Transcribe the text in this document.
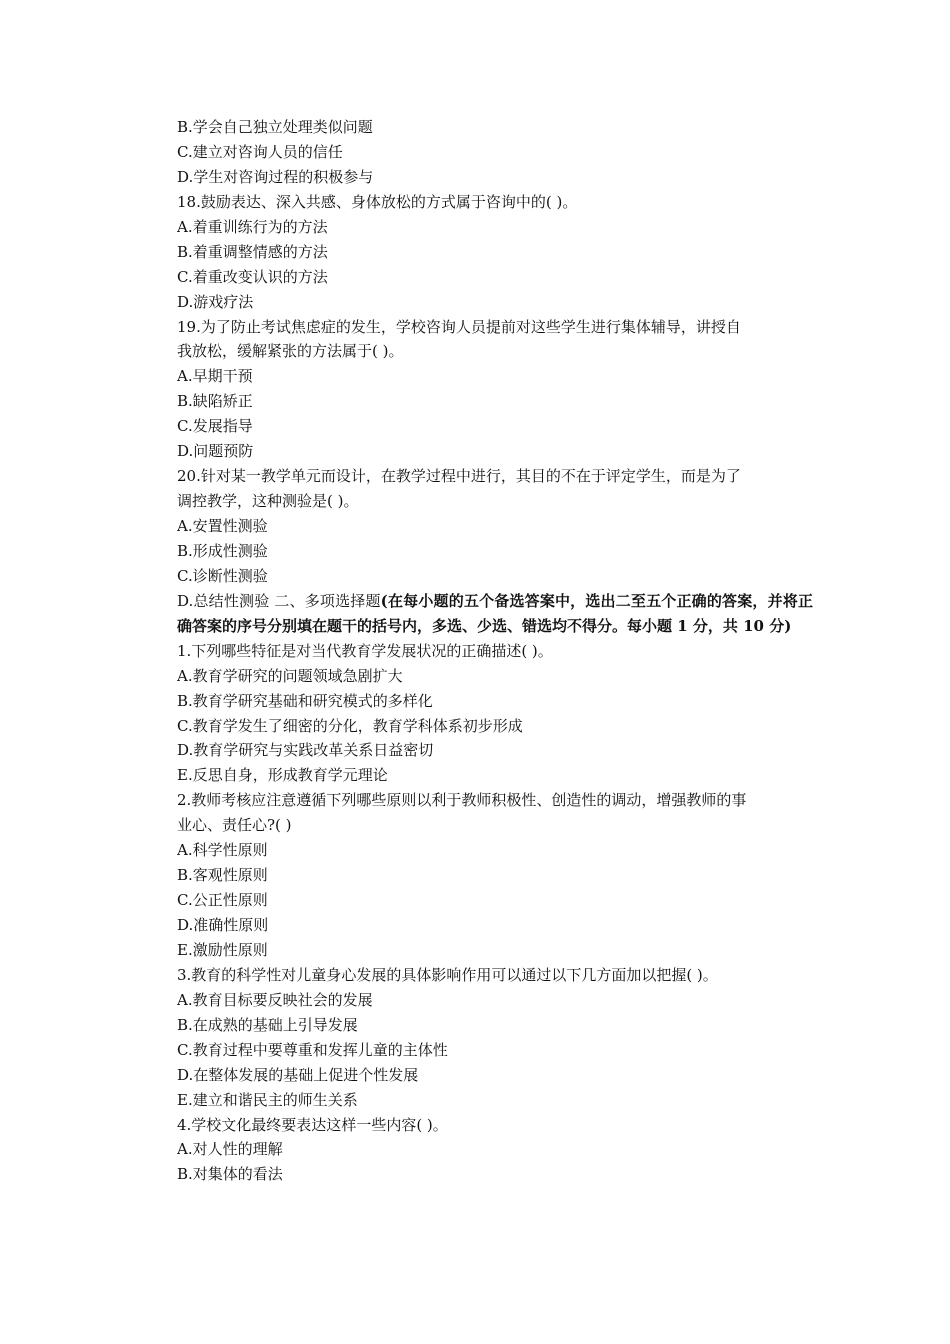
B.学会自己独立处理类似问题
C.建立对咨询人员的信任
D.学生对咨询过程的积极参与
18.鼓励表达、深入共感、身体放松的方式属于咨询中的( )。
A.着重训练行为的方法
B.着重调整情感的方法
C.着重改变认识的方法
D.游戏疗法
19.为了防止考试焦虑症的发生，学校咨询人员提前对这些学生进行集体辅导，讲授自
我放松，缓解紧张的方法属于( )。
A.早期干预
B.缺陷矫正
C.发展指导
D.问题预防
20.针对某一教学单元而设计，在教学过程中进行，其目的不在于评定学生，而是为了
调控教学，这种测验是( )。
A.安置性测验
B.形成性测验
C.诊断性测验
D.总结性测验 二、多项选择题(在每小题的五个备选答案中，选出二至五个正确的答案，并将正确答案的序号分别填在题干的括号内，多选、少选、错选均不得分。每小题 1 分，共 10 分)
1.下列哪些特征是对当代教育学发展状况的正确描述( )。
A.教育学研究的问题领域急剧扩大
B.教育学研究基础和研究模式的多样化
C.教育学发生了细密的分化，教育学科体系初步形成
D.教育学研究与实践改革关系日益密切
E.反思自身，形成教育学元理论
2.教师考核应注意遵循下列哪些原则以利于教师积极性、创造性的调动，增强教师的事
业心、责任心?( )
A.科学性原则
B.客观性原则
C.公正性原则
D.准确性原则
E.激励性原则
3.教育的科学性对儿童身心发展的具体影响作用可以通过以下几方面加以把握( )。
A.教育目标要反映社会的发展
B.在成熟的基础上引导发展
C.教育过程中要尊重和发挥儿童的主体性
D.在整体发展的基础上促进个性发展
E.建立和谐民主的师生关系
4.学校文化最终要表达这样一些内容( )。
A.对人性的理解
B.对集体的看法
